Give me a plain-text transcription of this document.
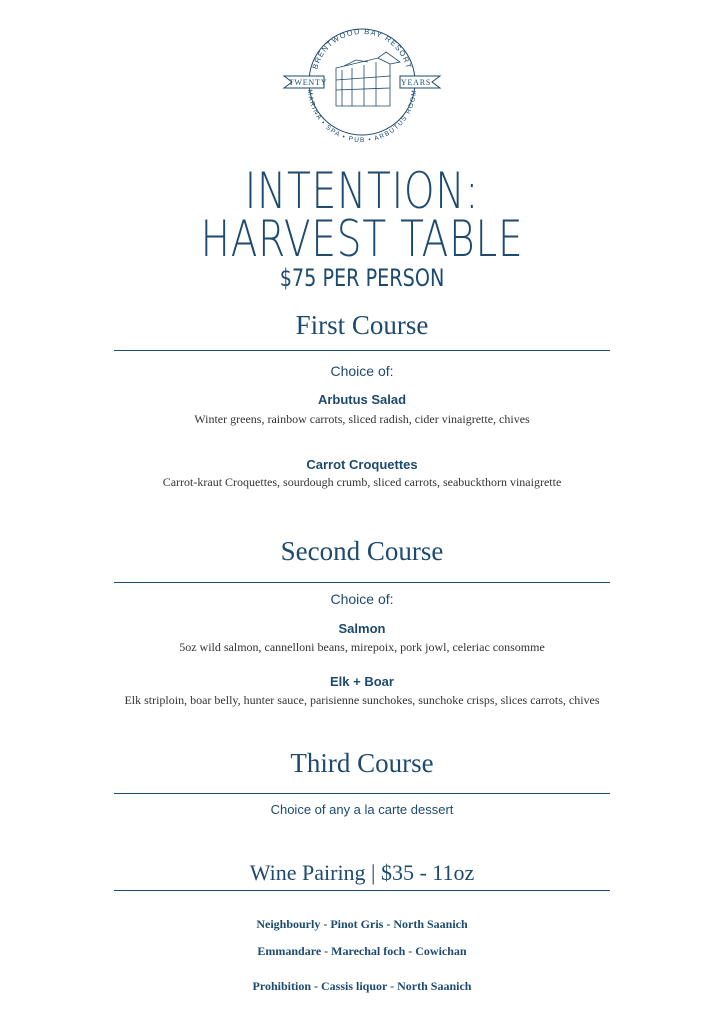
BRENTWOOD BAY RESORT
MARINA • SPA • PUB • ARBUTUS ROOM
TWENTY	YEARS
INTENTION:
HARVEST TABLE
$75 PER PERSON
First Course
Choice of:
Arbutus Salad
Winter greens, rainbow carrots, sliced radish, cider vinaigrette, chives
Carrot Croquettes
Carrot-kraut Croquettes, sourdough crumb, sliced carrots, seabuckthorn vinaigrette
Second Course
Choice of:
Salmon
5oz wild salmon, cannelloni beans, mirepoix, pork jowl, celeriac consomme
Elk + Boar
Elk striploin, boar belly, hunter sauce, parisienne sunchokes, sunchoke crisps, slices carrots, chives
Third Course
Choice of any a la carte dessert
Wine Pairing | $35 - 11oz
Neighbourly - Pinot Gris - North Saanich
Emmandare - Marechal foch - Cowichan
Prohibition - Cassis liquor - North Saanich
